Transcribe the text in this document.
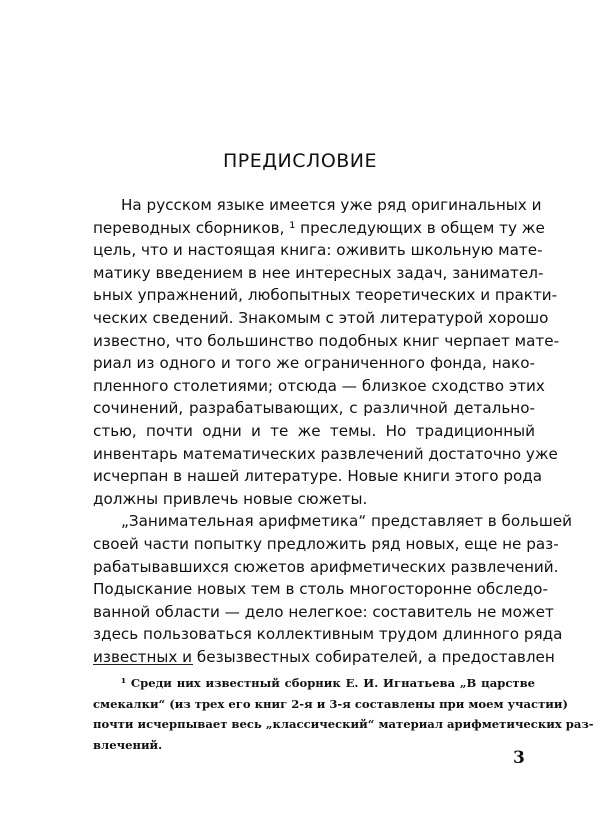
ПРЕДИСЛОВИЕ
На русском языке имеется уже ряд оригинальных и
переводных сборников, ¹ преследующих в общем ту же
цель, что и настоящая книга: оживить школьную мате-
матику введением в нее интересных задач, занимател-
ьных упражнений, любопытных теоретических и практи-
ческих сведений. Знакомым с этой литературой хорошо
известно, что большинство подобных книг черпает мате-
риал из одного и того же ограниченного фонда, нако-
пленного столетиями; отсюда — близкое сходство этих
сочинений, разрабатывающих, с различной детально-
стью, почти одни и те же темы. Но традиционный
инвентарь математических развлечений достаточно уже
исчерпан в нашей литературе. Новые книги этого рода
должны привлечь новые сюжеты.
„Занимательная арифметика“ представляет в большей
своей части попытку предложить ряд новых, еще не раз-
рабатывавшихся сюжетов арифметических развлечений.
Подыскание новых тем в столь многосторонне обследо-
ванной области — дело нелегкое: составитель не может
здесь пользоваться коллективным трудом длинного ряда
известных и безызвестных собирателей, а предоставлен
¹ Среди них известный сборник Е. И. Игнатьева „В царстве
смекалки“ (из трех его книг 2-я и 3-я составлены при моем участии)
почти исчерпывает весь „классический“ материал арифметических раз-
влечений.
3
